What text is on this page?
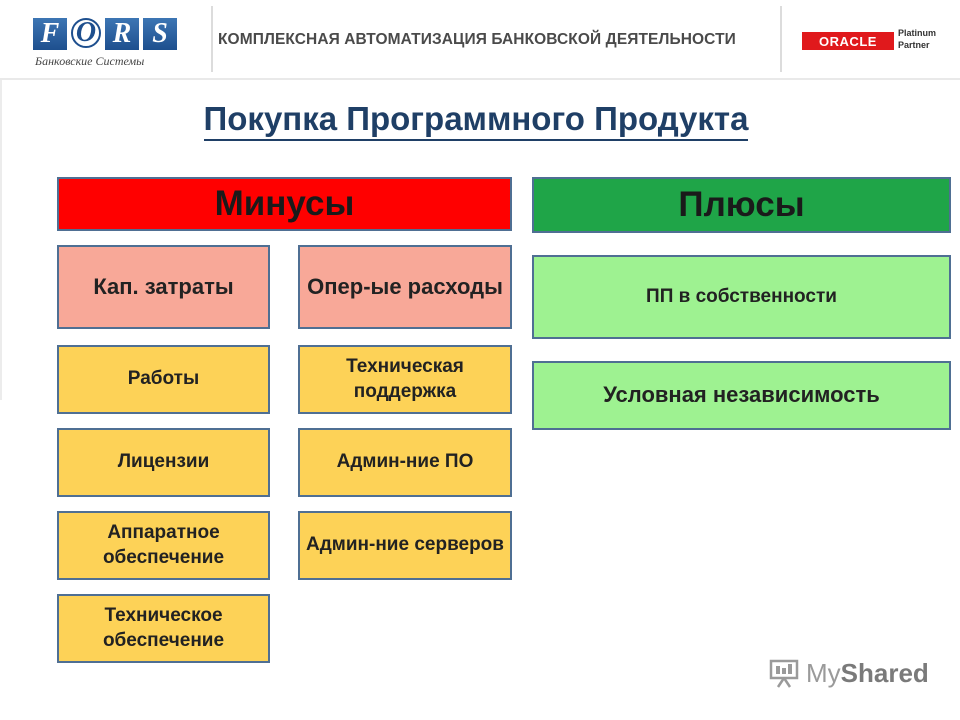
F O R S
Банковские Системы
КОМПЛЕКСНАЯ АВТОМАТИЗАЦИЯ БАНКОВСКОЙ ДЕЯТЕЛЬНОСТИ	ORACLE
Platinum
Partner
Покупка Программного Продукта
Минусы	Плюсы
Кап. затраты	Опер-ые расходы
Работы
Техническая поддержка
Лицензии	Админ-ние ПО
Аппаратное обеспечение
Админ-ние серверов
Техническое обеспечение
ПП в собственности
Условная независимость
MyShared
